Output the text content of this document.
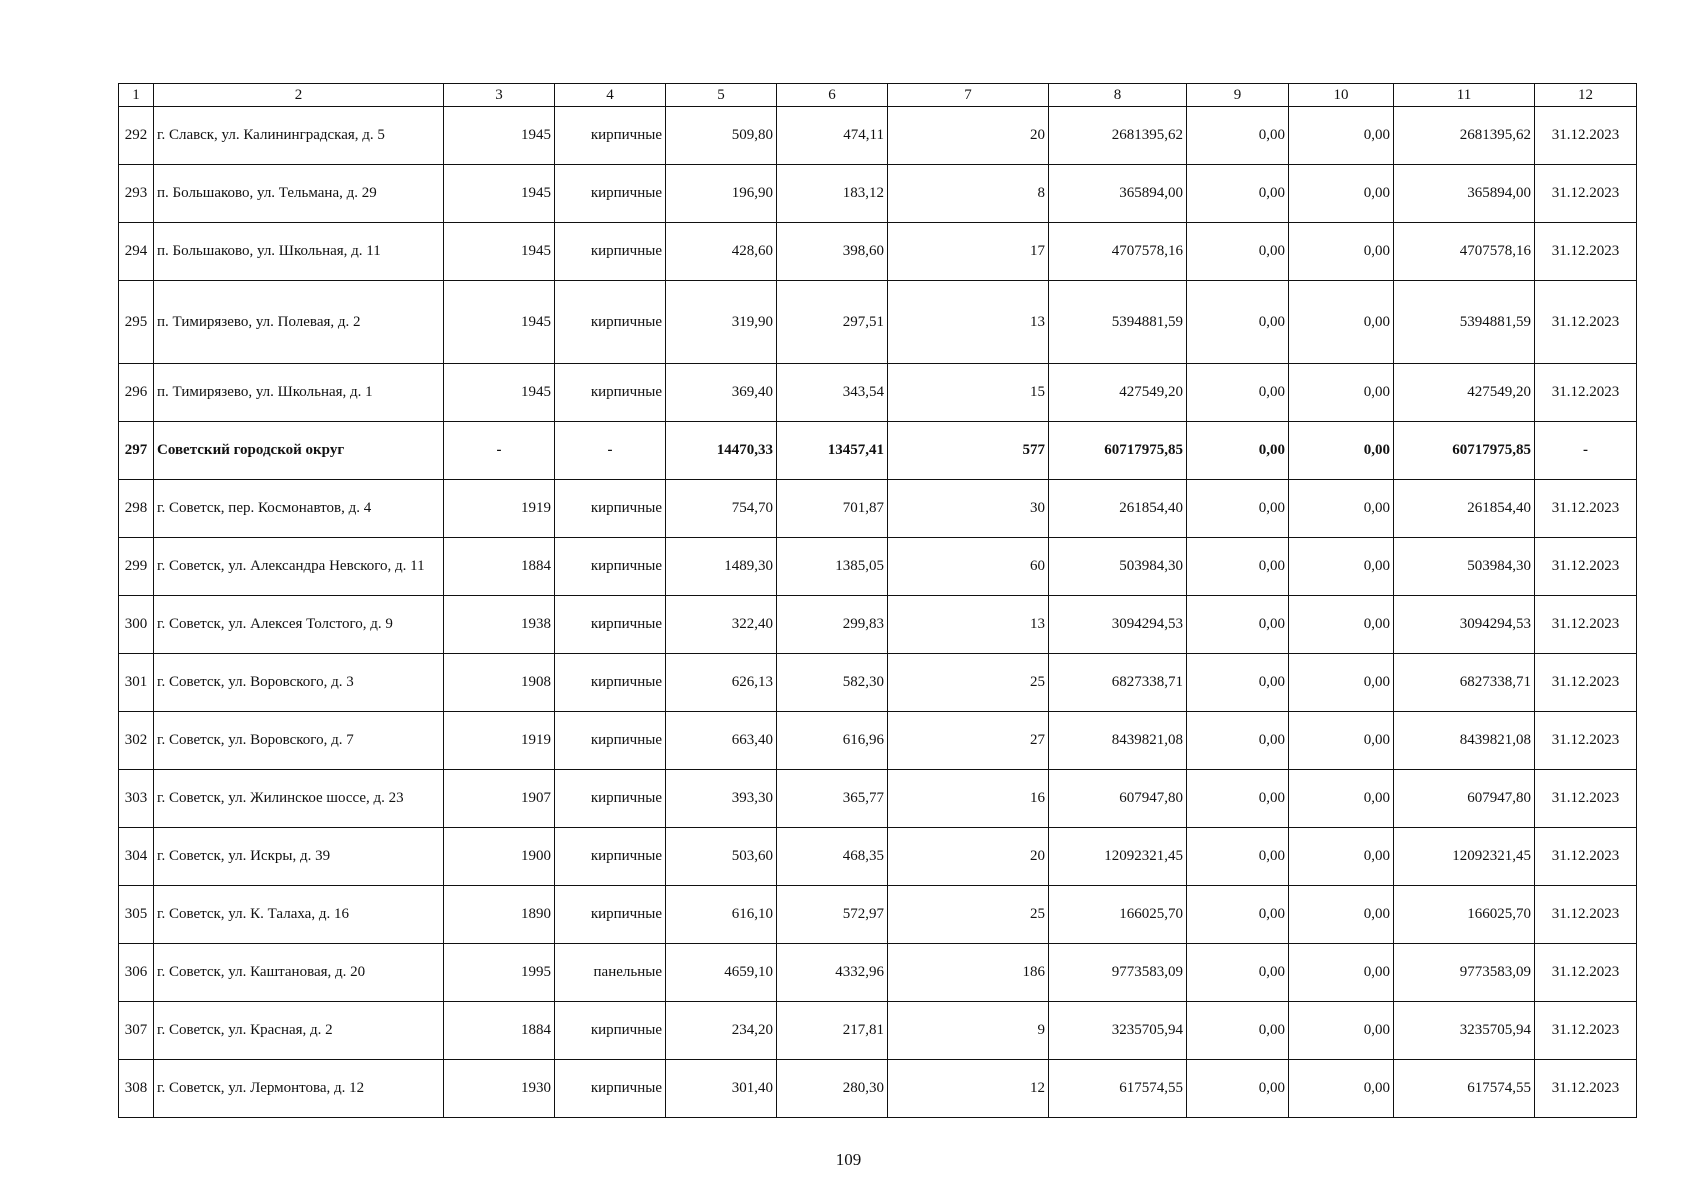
1	2	3	4	5	6	7	8	9	10	11	12
292	г. Славск, ул. Калининградская, д. 5	1945	кирпичные	509,80	474,11	20	2681395,62	0,00	0,00	2681395,62	31.12.2023
293	п. Большаково, ул. Тельмана, д. 29	1945	кирпичные	196,90	183,12	8	365894,00	0,00	0,00	365894,00	31.12.2023
294	п. Большаково, ул. Школьная, д. 11	1945	кирпичные	428,60	398,60	17	4707578,16	0,00	0,00	4707578,16	31.12.2023
295	п. Тимирязево, ул. Полевая, д. 2	1945	кирпичные	319,90	297,51	13	5394881,59	0,00	0,00	5394881,59	31.12.2023
296	п. Тимирязево, ул. Школьная, д. 1	1945	кирпичные	369,40	343,54	15	427549,20	0,00	0,00	427549,20	31.12.2023
297	Советский городской округ	-	-	14470,33	13457,41	577	60717975,85	0,00	0,00	60717975,85	-
298	г. Советск, пер. Космонавтов, д. 4	1919	кирпичные	754,70	701,87	30	261854,40	0,00	0,00	261854,40	31.12.2023
299	г. Советск, ул. Александра Невского, д. 11	1884	кирпичные	1489,30	1385,05	60	503984,30	0,00	0,00	503984,30	31.12.2023
300	г. Советск, ул. Алексея Толстого, д. 9	1938	кирпичные	322,40	299,83	13	3094294,53	0,00	0,00	3094294,53	31.12.2023
301	г. Советск, ул. Воровского, д. 3	1908	кирпичные	626,13	582,30	25	6827338,71	0,00	0,00	6827338,71	31.12.2023
302	г. Советск, ул. Воровского, д. 7	1919	кирпичные	663,40	616,96	27	8439821,08	0,00	0,00	8439821,08	31.12.2023
303	г. Советск, ул. Жилинское шоссе, д. 23	1907	кирпичные	393,30	365,77	16	607947,80	0,00	0,00	607947,80	31.12.2023
304	г. Советск, ул. Искры, д. 39	1900	кирпичные	503,60	468,35	20	12092321,45	0,00	0,00	12092321,45	31.12.2023
305	г. Советск, ул. К. Талаха, д. 16	1890	кирпичные	616,10	572,97	25	166025,70	0,00	0,00	166025,70	31.12.2023
306	г. Советск, ул. Каштановая, д. 20	1995	панельные	4659,10	4332,96	186	9773583,09	0,00	0,00	9773583,09	31.12.2023
307	г. Советск, ул. Красная, д. 2	1884	кирпичные	234,20	217,81	9	3235705,94	0,00	0,00	3235705,94	31.12.2023
308	г. Советск, ул. Лермонтова, д. 12	1930	кирпичные	301,40	280,30	12	617574,55	0,00	0,00	617574,55	31.12.2023
109
